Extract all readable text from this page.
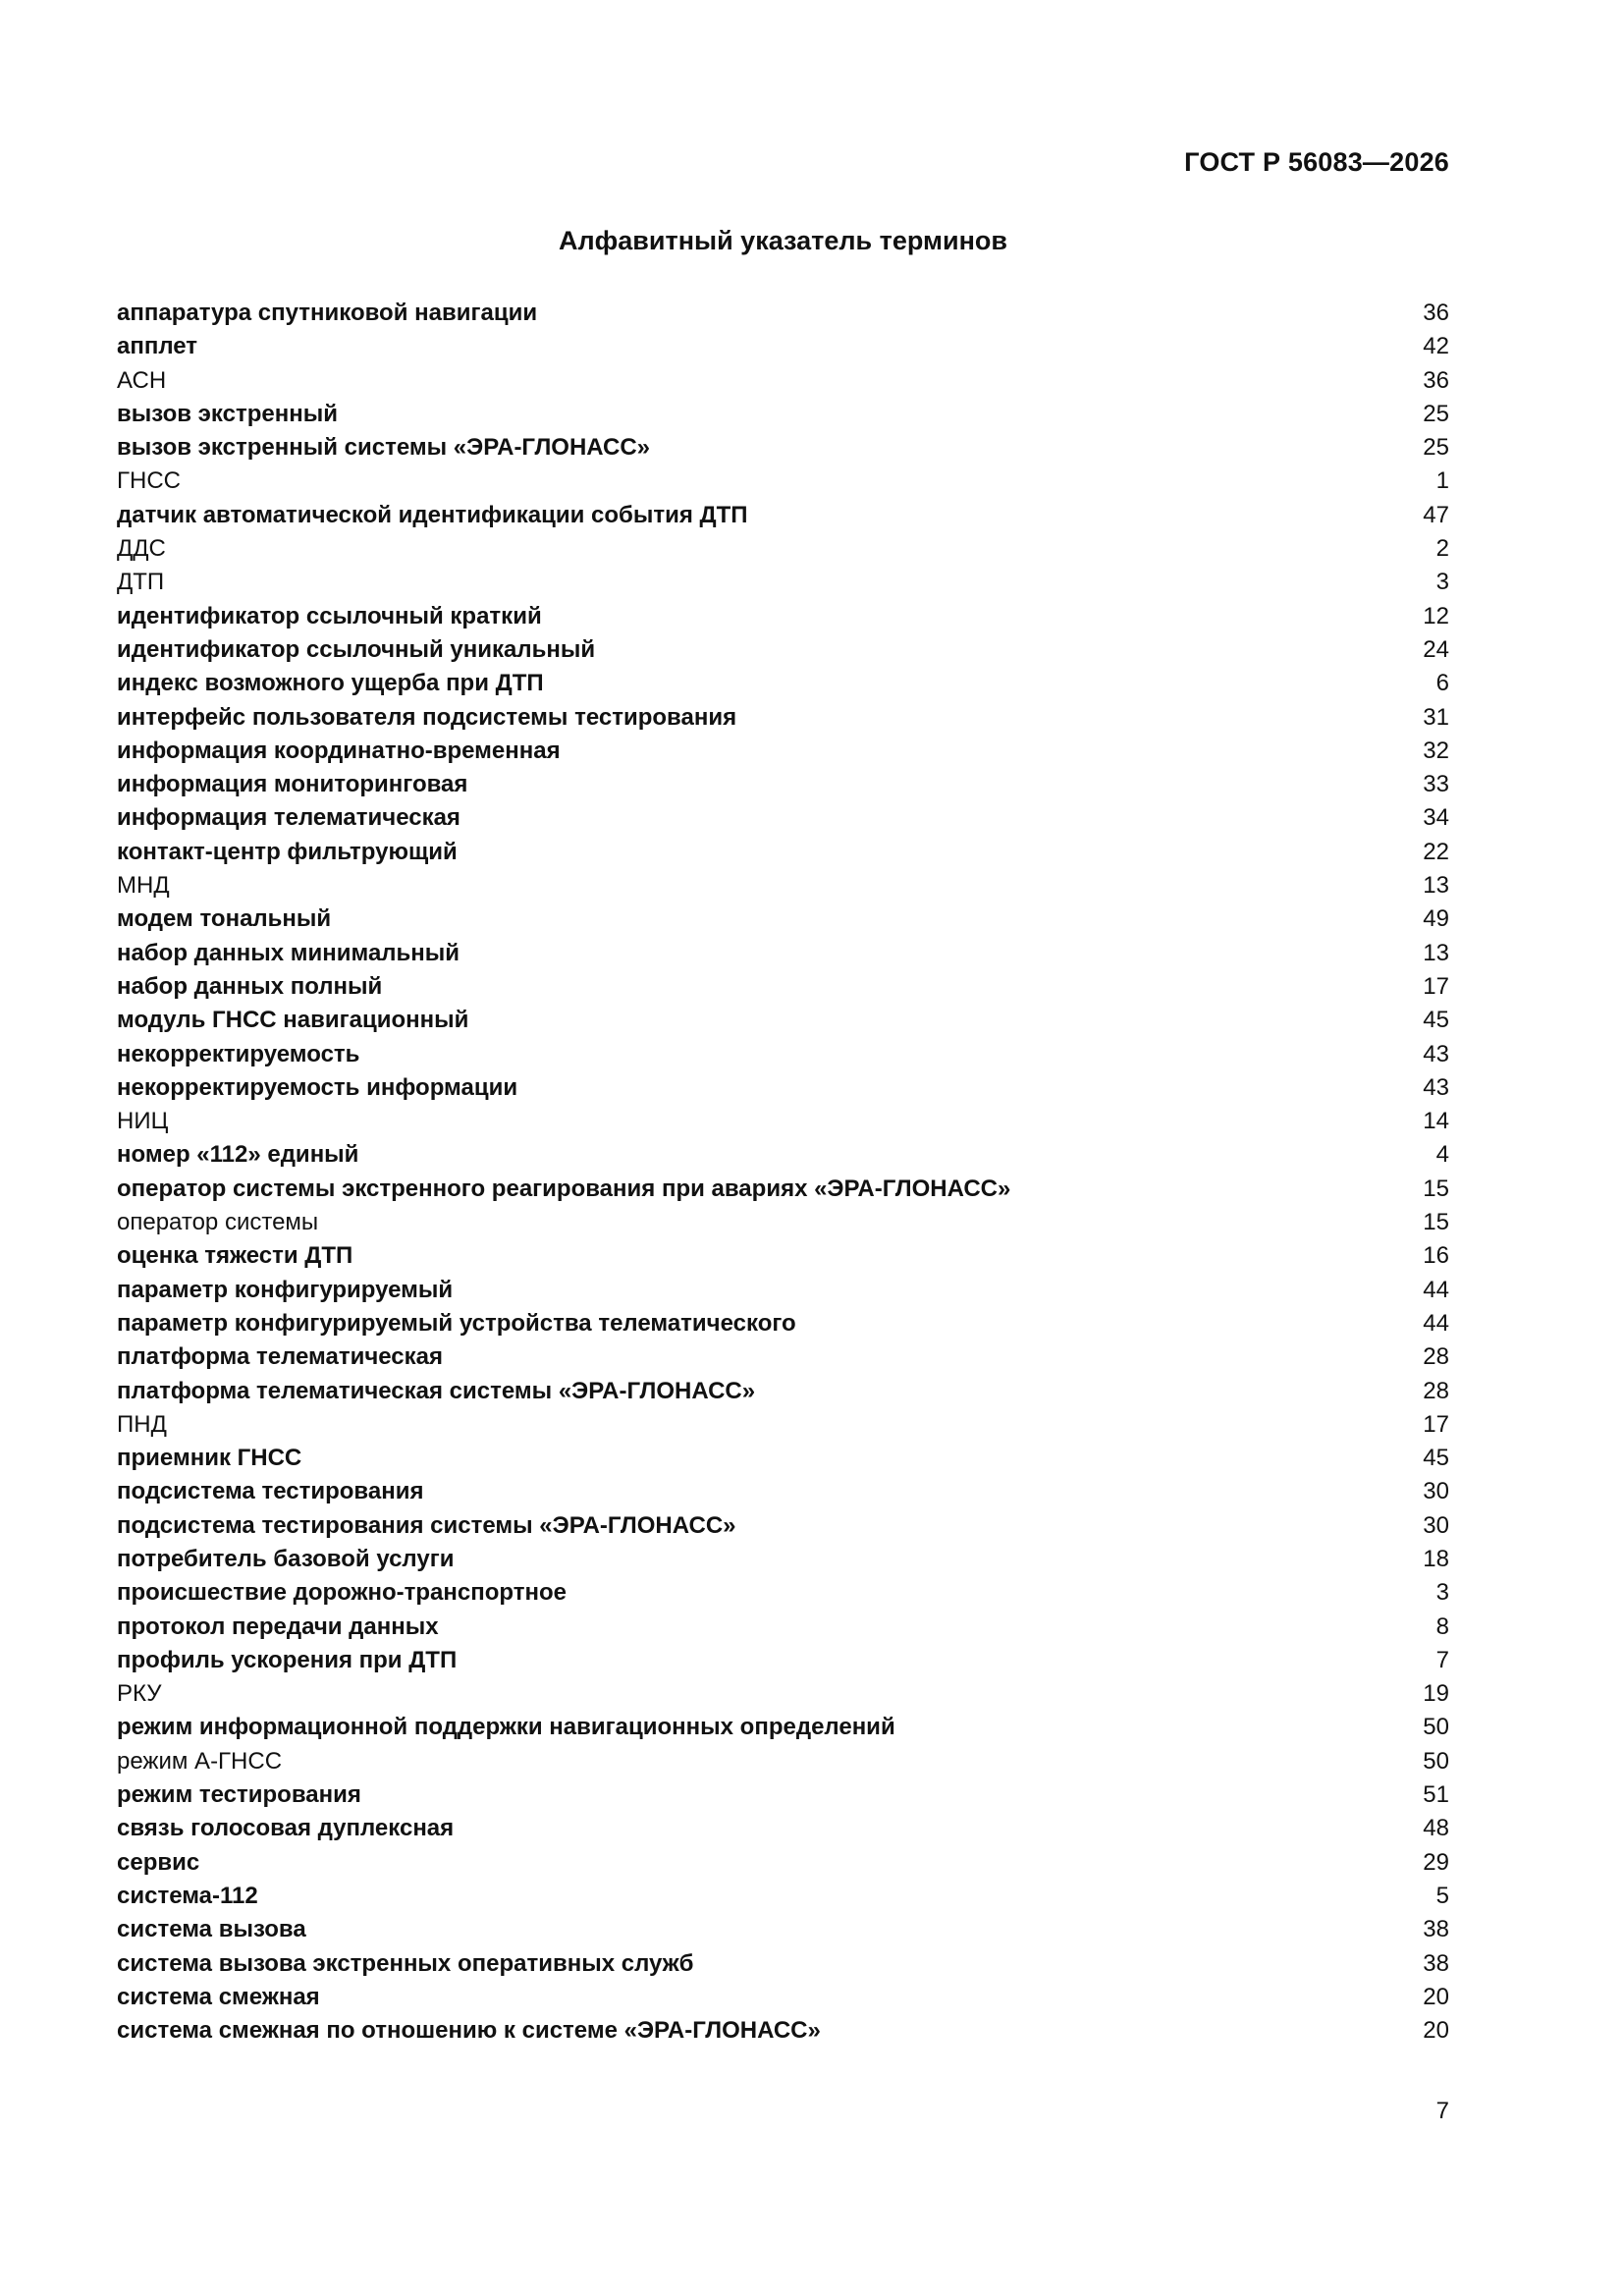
ГОСТ Р 56083—2026
Алфавитный указатель терминов
аппаратура спутниковой навигации	36
апплет	42
АСН	36
вызов экстренный	25
вызов экстренный системы «ЭРА-ГЛОНАСС»	25
ГНСС	1
датчик автоматической идентификации события ДТП	47
ДДС	2
ДТП	3
идентификатор ссылочный краткий	12
идентификатор ссылочный уникальный	24
индекс возможного ущерба при ДТП	6
интерфейс пользователя подсистемы тестирования	31
информация координатно-временная	32
информация мониторинговая	33
информация телематическая	34
контакт-центр фильтрующий	22
МНД	13
модем тональный	49
набор данных минимальный	13
набор данных полный	17
модуль ГНСС навигационный	45
некорректируемость	43
некорректируемость информации	43
НИЦ	14
номер «112» единый	4
оператор системы экстренного реагирования при авариях «ЭРА-ГЛОНАСС»	15
оператор системы	15
оценка тяжести ДТП	16
параметр конфигурируемый	44
параметр конфигурируемый устройства телематического	44
платформа телематическая	28
платформа телематическая системы «ЭРА-ГЛОНАСС»	28
ПНД	17
приемник ГНСС	45
подсистема тестирования	30
подсистема тестирования системы «ЭРА-ГЛОНАСС»	30
потребитель базовой услуги	18
происшествие дорожно-транспортное	3
протокол передачи данных	8
профиль ускорения при ДТП	7
РКУ	19
режим информационной поддержки навигационных определений	50
режим А-ГНСС	50
режим тестирования	51
связь голосовая дуплексная	48
сервис	29
система-112	5
система вызова	38
система вызова экстренных оперативных служб	38
система смежная	20
система смежная по отношению к системе «ЭРА-ГЛОНАСС»	20
7
